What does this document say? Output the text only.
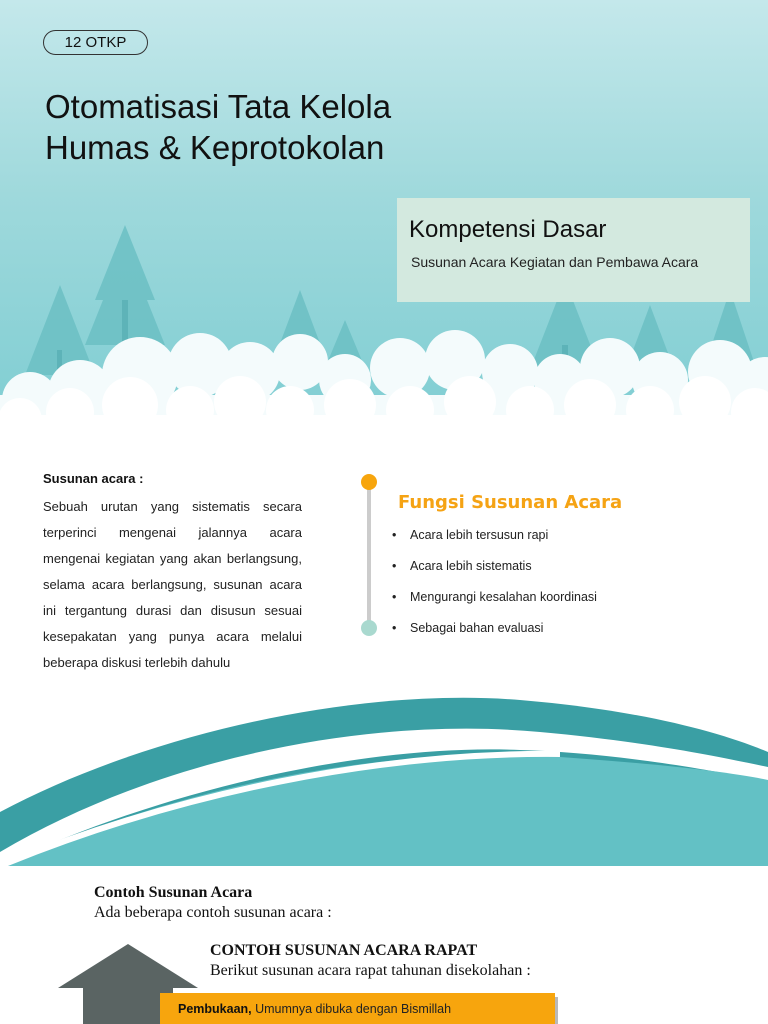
12 OTKP
Otomatisasi Tata Kelola
Humas & Keprotokolan
Kompetensi Dasar
Susunan Acara Kegiatan dan Pembawa Acara
Susunan acara :
Sebuah urutan yang sistematis secara terperinci mengenai jalannya acara mengenai kegiatan yang akan berlangsung, selama acara berlangsung, susunan acara ini tergantung durasi dan disusun sesuai kesepakatan yang punya acara melalui beberapa diskusi terlebih dahulu
Fungsi Susunan Acara
• Acara lebih tersusun rapi
• Acara lebih sistematis
• Mengurangi kesalahan koordinasi
• Sebagai bahan evaluasi
Contoh Susunan Acara
Ada beberapa contoh susunan acara :
CONTOH SUSUNAN ACARA RAPAT
Berikut susunan acara rapat tahunan disekolahan :
Pembukaan, Umumnya dibuka dengan Bismillah
